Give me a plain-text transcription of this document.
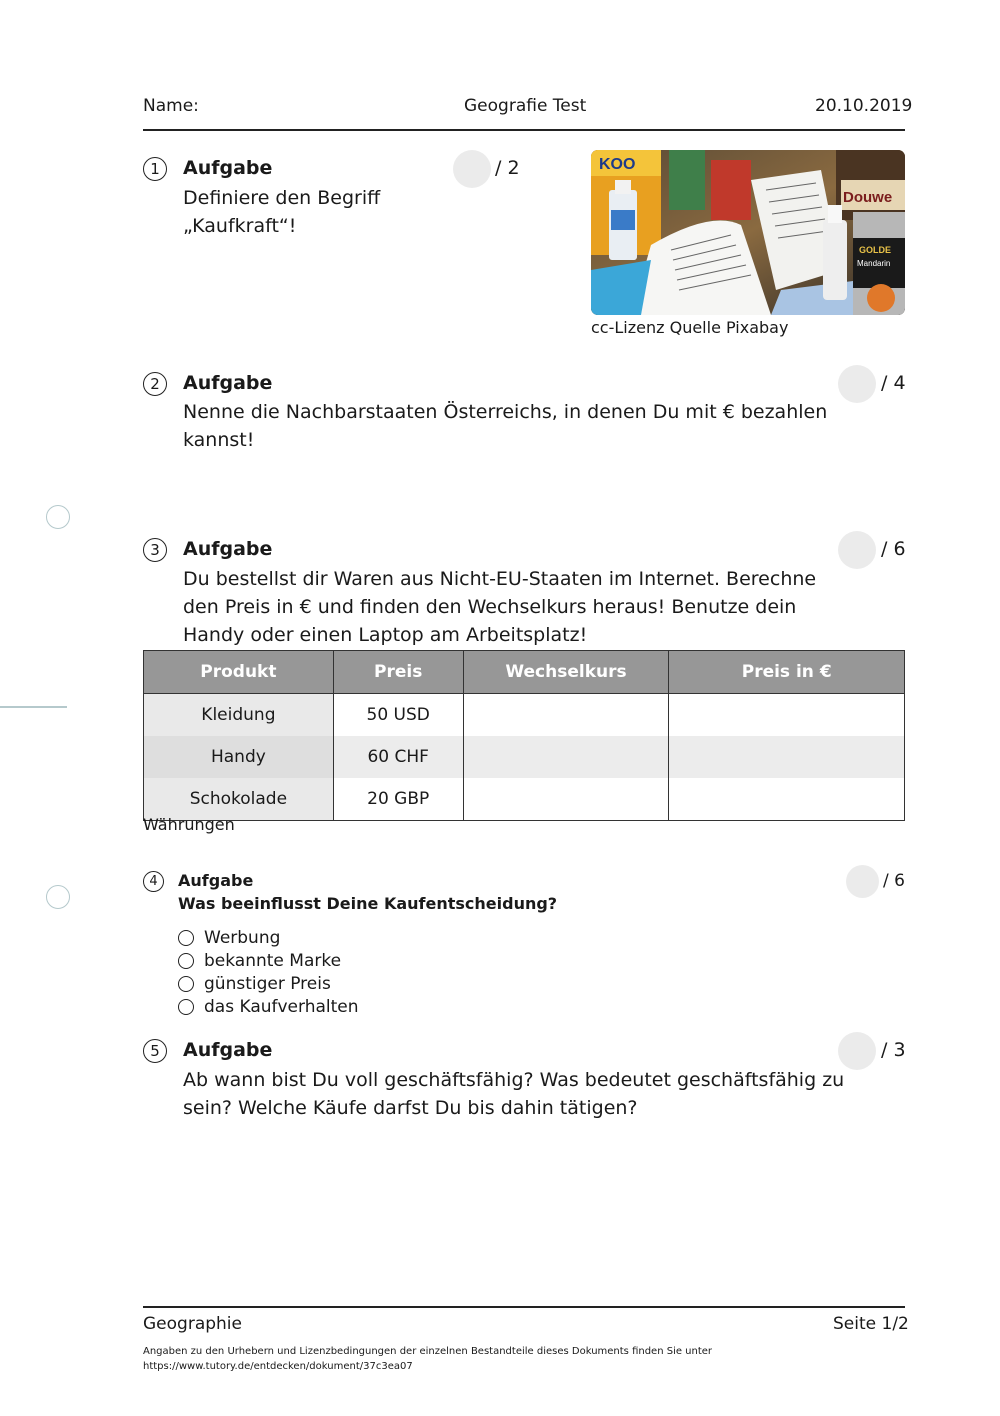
Name:	Geografie Test	20.10.2019
1	Aufgabe
Definiere den Begriff
„Kaufkraft“!
/ 2	KOO
Douwe
GOLDE
Mandarin
cc-Lizenz Quelle Pixabay
2	Aufgabe
Nenne die Nachbarstaaten Österreichs, in denen Du mit € bezahlen
kannst!
/ 4
3	Aufgabe
Du bestellst dir Waren aus Nicht-EU-Staaten im Internet. Berechne
den Preis in € und finden den Wechselkurs heraus! Benutze dein
Handy oder einen Laptop am Arbeitsplatz!
/ 6
Produkt	Preis	Wechselkurs	Preis in €
Kleidung	50 USD		
Handy	60 CHF		
Schokolade	20 GBP		
Währungen
4	Aufgabe
Was beeinflusst Deine Kaufentscheidung?
/ 6
Werbung
bekannte Marke
günstiger Preis
das Kaufverhalten
5	Aufgabe
Ab wann bist Du voll geschäftsfähig? Was bedeutet geschäftsfähig zu
sein? Welche Käufe darfst Du bis dahin tätigen?
/ 3
Geographie	Seite 1/2
Angaben zu den Urhebern und Lizenzbedingungen der einzelnen Bestandteile dieses Dokuments finden Sie unter
https://www.tutory.de/entdecken/dokument/37c3ea07
